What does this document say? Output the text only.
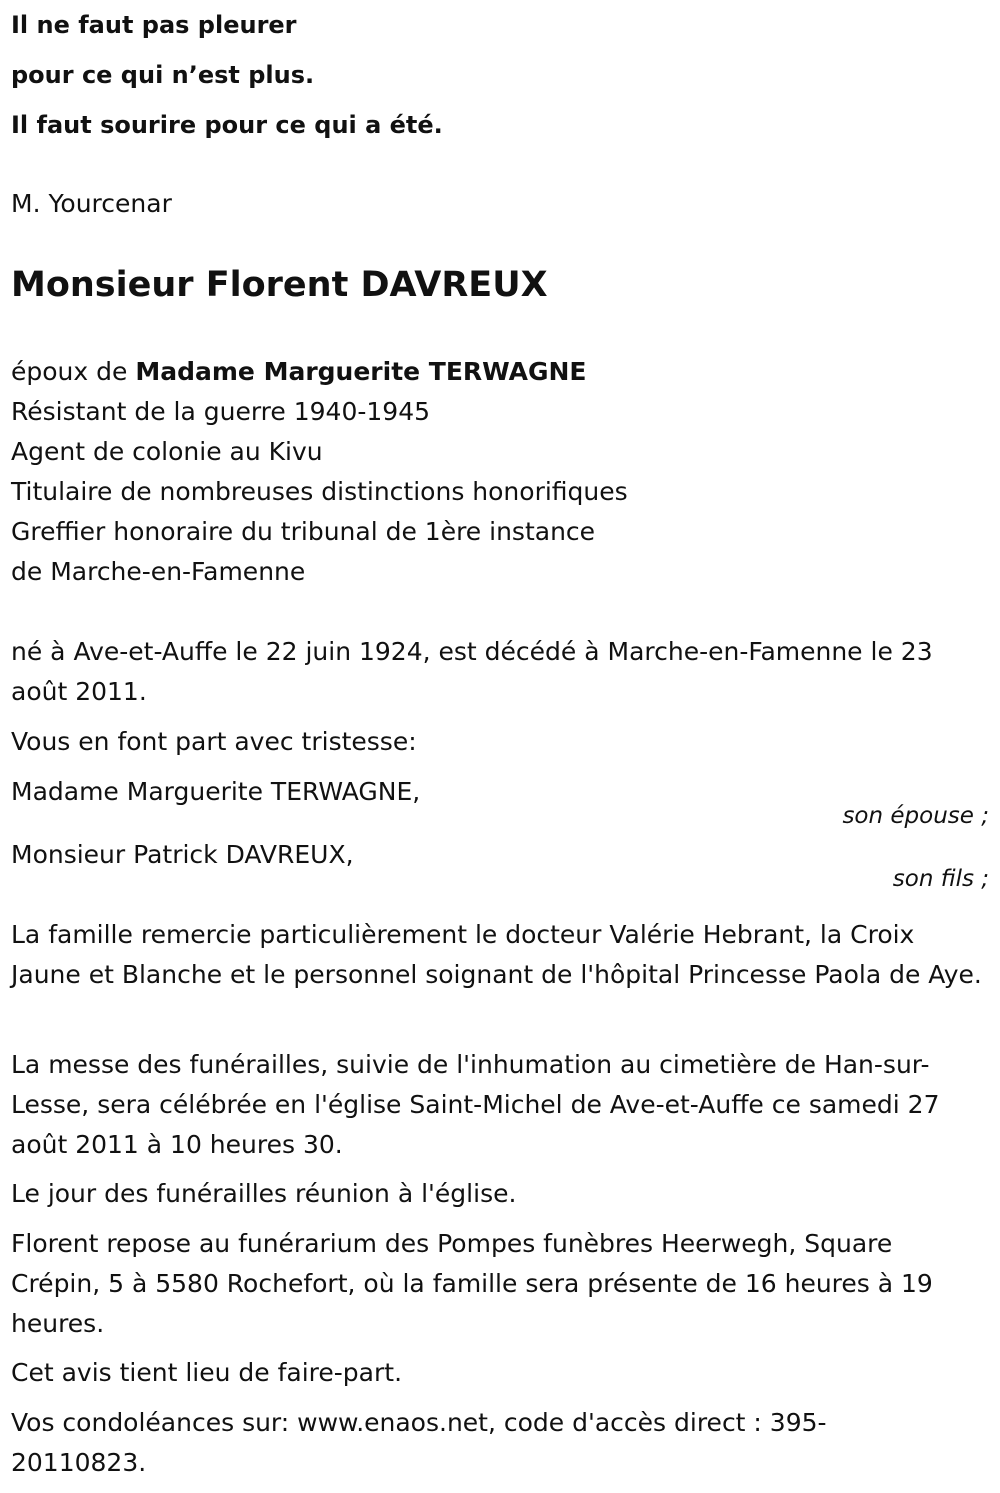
Il ne faut pas pleurer
pour ce qui n’est plus.
Il faut sourire pour ce qui a été.
M. Yourcenar
Monsieur Florent DAVREUX
époux de Madame Marguerite TERWAGNE
Résistant de la guerre 1940-1945
Agent de colonie au Kivu
Titulaire de nombreuses distinctions honorifiques
Greffier honoraire du tribunal de 1ère instance
de Marche-en-Famenne
né à Ave-et-Auffe le 22 juin 1924, est décédé à Marche-en-Famenne le 23 août 2011.
Vous en font part avec tristesse:
Madame Marguerite TERWAGNE,
son épouse ;
Monsieur Patrick DAVREUX,
son fils ;
La famille remercie particulièrement le docteur Valérie Hebrant, la Croix Jaune et Blanche et le personnel soignant de l'hôpital Princesse Paola de Aye.
La messe des funérailles, suivie de l'inhumation au cimetière de Han-sur-Lesse, sera célébrée en l'église Saint-Michel de Ave-et-Auffe ce samedi 27 août 2011 à 10 heures 30.
Le jour des funérailles réunion à l'église.
Florent repose au funérarium des Pompes funèbres Heerwegh, Square Crépin, 5 à 5580 Rochefort, où la famille sera présente de 16 heures à 19 heures.
Cet avis tient lieu de faire-part.
Vos condoléances sur: www.enaos.net, code d'accès direct : 395-20110823.
